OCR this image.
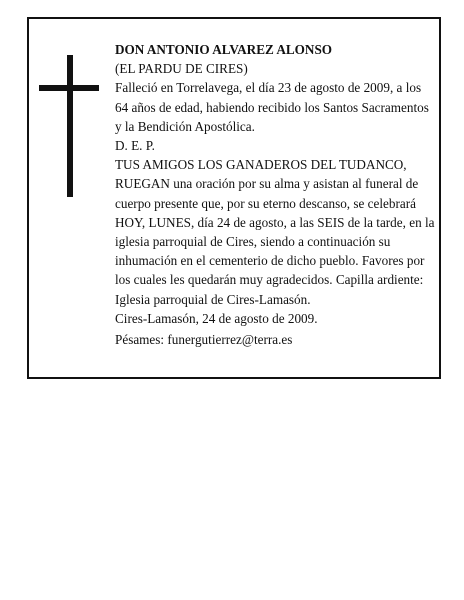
DON ANTONIO ALVAREZ ALONSO

(EL PARDU DE CIRES)

Falleció en Torrelavega, el día 23 de agosto de 2009, a los 64 años de edad, habiendo recibido los Santos Sacramentos y la Bendición Apostólica.

D. E. P.

TUS AMIGOS LOS GANADEROS DEL TUDANCO, RUEGAN una oración por su alma y asistan al funeral de cuerpo presente que, por su eterno descanso, se celebrará HOY, LUNES, día 24 de agosto, a las SEIS de la tarde, en la iglesia parroquial de Cires, siendo a continuación su inhumación en el cementerio de dicho pueblo. Favores por los cuales les quedarán muy agradecidos. Capilla ardiente: Iglesia parroquial de Cires-Lamasón.

Cires-Lamasón, 24 de agosto de 2009.

Pésames: funergutierrez@terra.es
